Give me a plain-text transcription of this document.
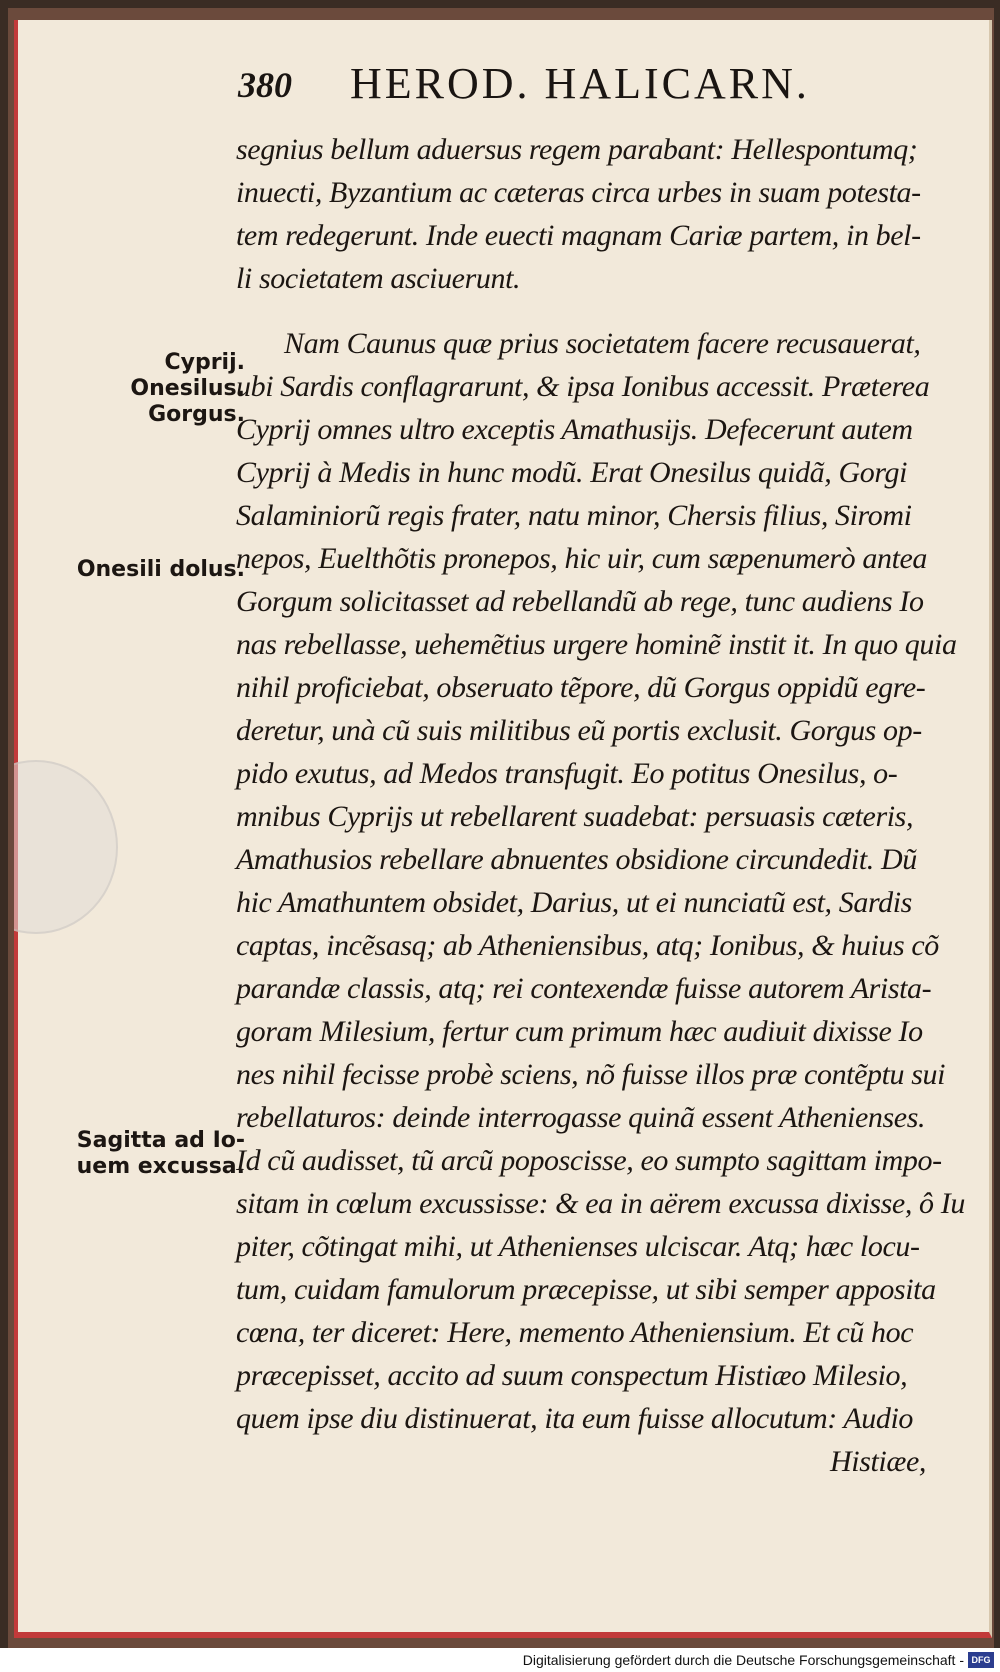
380 HEROD. HALICARN.
Cyprij.
Onesilus.
Gorgus.
Onesili dolus.
Sagitta ad Io-
uem excussa.
segnius bellum aduersus regem parabant: Hellespontumq;
inuecti, Byzantium ac cæteras circa urbes in suam potesta-
tem redegerunt. Inde euecti magnam Cariæ partem, in bel-
li societatem asciuerunt.
Nam Caunus quæ prius societatem facere recusauerat,
ubi Sardis conflagrarunt, & ipsa Ionibus accessit. Præterea
Cyprij omnes ultro exceptis Amathusijs. Defecerunt autem
Cyprij à Medis in hunc modũ. Erat Onesilus quidã, Gorgi
Salaminiorũ regis frater, natu minor, Chersis filius, Siromi
nepos, Euelthõtis pronepos, hic uir, cum sæpenumerò antea
Gorgum solicitasset ad rebellandũ ab rege, tunc audiens Io
nas rebellasse, uehemẽtius urgere hominẽ instit it. In quo quia
nihil proficiebat, obseruato tẽpore, dũ Gorgus oppidũ egre-
deretur, unà cũ suis militibus eũ portis exclusit. Gorgus op-
pido exutus, ad Medos transfugit. Eo potitus Onesilus, o-
mnibus Cyprijs ut rebellarent suadebat: persuasis cæteris,
Amathusios rebellare abnuentes obsidione circundedit. Dũ
hic Amathuntem obsidet, Darius, ut ei nunciatũ est, Sardis
captas, incẽsasq; ab Atheniensibus, atq; Ionibus, & huius cõ
parandæ classis, atq; rei contexendæ fuisse autorem Arista-
goram Milesium, fertur cum primum hæc audiuit dixisse Io
nes nihil fecisse probè sciens, nõ fuisse illos præ contẽptu sui
rebellaturos: deinde interrogasse quinã essent Athenienses.
Id cũ audisset, tũ arcũ poposcisse, eo sumpto sagittam impo-
sitam in cœlum excussisse: & ea in aërem excussa dixisse, ô Iu
piter, cõtingat mihi, ut Athenienses ulciscar. Atq; hæc locu-
tum, cuidam famulorum præcepisse, ut sibi semper apposita
cœna, ter diceret: Here, memento Atheniensium. Et cũ hoc
præcepisset, accito ad suum conspectum Histiæo Milesio,
quem ipse diu distinuerat, ita eum fuisse allocutum: Audio
Histiæe,
Digitalisierung gefördert durch die Deutsche Forschungsgemeinschaft - DFG
